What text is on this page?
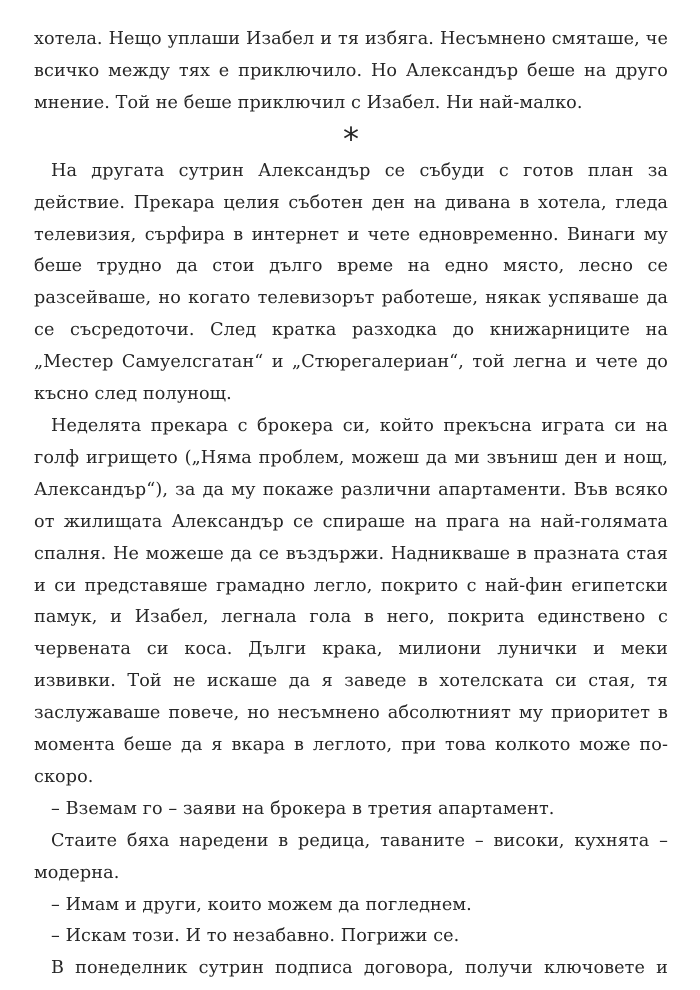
хотела. Нещо уплаши Изабел и тя избяга. Несъмнено смяташе, че всичко между тях е приключило. Но Александър беше на друго мнение. Той не беше приключил с Изабел. Ни най-малко.

*

На другата сутрин Александър се събуди с готов план за действие. Прекара целия съботен ден на дивана в хотела, гледа телевизия, сърфира в интернет и чете едновременно. Винаги му беше трудно да стои дълго време на едно място, лесно се разсейваше, но когато телевизорът работеше, някак успяваше да се съсредоточи. След кратка разходка до книжарниците на „Местер Самуелсгатан“ и „Стюрегалериан“, той легна и чете до късно след полунощ.

Неделята прекара с брокера си, който прекъсна играта си на голф игрището („Няма проблем, можеш да ми звъниш ден и нощ, Александър“), за да му покаже различни апартаменти. Във всяко от жилищата Александър се спираше на прага на най-голямата спалня. Не можеше да се въздържи. Надникваше в празната стая и си представяше грамадно легло, покрито с най-фин египетски памук, и Изабел, легнала гола в него, покрита единствено с червената си коса. Дълги крака, милиони лунички и меки извивки. Той не искаше да я заведе в хотелската си стая, тя заслужаваше повече, но несъмнено абсолютният му приоритет в момента беше да я вкара в леглото, при това колкото може по-скоро.

– Вземам го – заяви на брокера в третия апартамент.

Стаите бяха наредени в редица, таваните – високи, кухнята – модерна.

– Имам и други, които можем да погледнем.

– Искам този. И то незабавно. Погрижи се.

В понеделник сутрин подписа договора, получи ключовете и
